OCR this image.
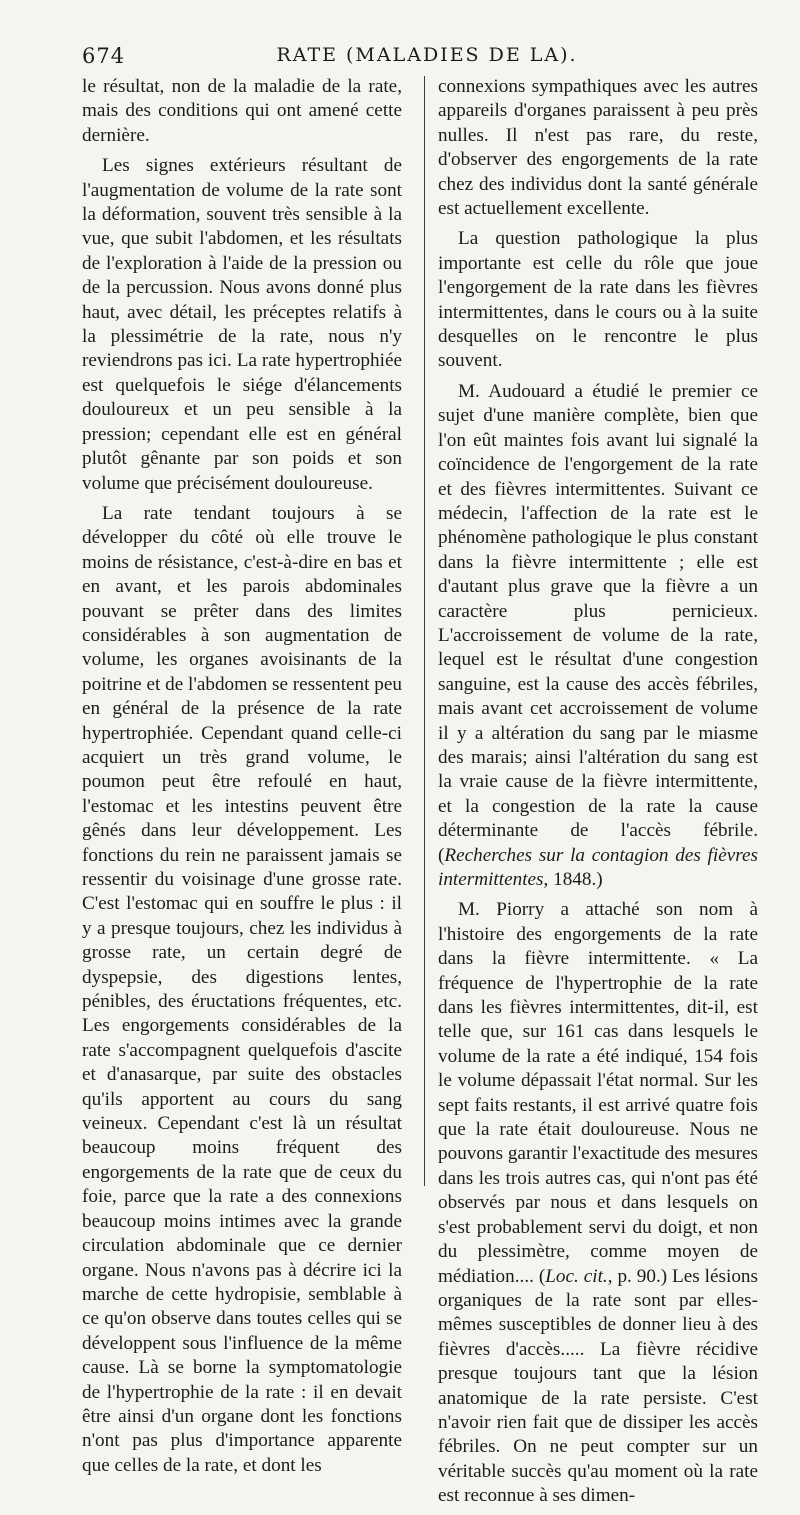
674	RATE (MALADIES DE LA).

le résultat, non de la maladie de la rate, mais des conditions qui ont amené cette dernière.

Les signes extérieurs résultant de l'augmentation de volume de la rate sont la déformation, souvent très sensible à la vue, que subit l'abdomen, et les résultats de l'exploration à l'aide de la pression ou de la percussion. Nous avons donné plus haut, avec détail, les préceptes relatifs à la plessimétrie de la rate, nous n'y reviendrons pas ici. La rate hypertrophiée est quelquefois le siége d'élancements douloureux et un peu sensible à la pression; cependant elle est en général plutôt gênante par son poids et son volume que précisément douloureuse.

La rate tendant toujours à se développer du côté où elle trouve le moins de résistance, c'est-à-dire en bas et en avant, et les parois abdominales pouvant se prêter dans des limites considérables à son augmentation de volume, les organes avoisinants de la poitrine et de l'abdomen se ressentent peu en général de la présence de la rate hypertrophiée. Cependant quand celle-ci acquiert un très grand volume, le poumon peut être refoulé en haut, l'estomac et les intestins peuvent être gênés dans leur développement. Les fonctions du rein ne paraissent jamais se ressentir du voisinage d'une grosse rate. C'est l'estomac qui en souffre le plus : il y a presque toujours, chez les individus à grosse rate, un certain degré de dyspepsie, des digestions lentes, pénibles, des éructations fréquentes, etc. Les engorgements considérables de la rate s'accompagnent quelquefois d'ascite et d'anasarque, par suite des obstacles qu'ils apportent au cours du sang veineux. Cependant c'est là un résultat beaucoup moins fréquent des engorgements de la rate que de ceux du foie, parce que la rate a des connexions beaucoup moins intimes avec la grande circulation abdominale que ce dernier organe. Nous n'avons pas à décrire ici la marche de cette hydropisie, semblable à ce qu'on observe dans toutes celles qui se développent sous l'influence de la même cause. Là se borne la symptomatologie de l'hypertrophie de la rate : il en devait être ainsi d'un organe dont les fonctions n'ont pas plus d'importance apparente que celles de la rate, et dont les

connexions sympathiques avec les autres appareils d'organes paraissent à peu près nulles. Il n'est pas rare, du reste, d'observer des engorgements de la rate chez des individus dont la santé générale est actuellement excellente.

La question pathologique la plus importante est celle du rôle que joue l'engorgement de la rate dans les fièvres intermittentes, dans le cours ou à la suite desquelles on le rencontre le plus souvent.

M. Audouard a étudié le premier ce sujet d'une manière complète, bien que l'on eût maintes fois avant lui signalé la coïncidence de l'engorgement de la rate et des fièvres intermittentes. Suivant ce médecin, l'affection de la rate est le phénomène pathologique le plus constant dans la fièvre intermittente ; elle est d'autant plus grave que la fièvre a un caractère plus pernicieux. L'accroissement de volume de la rate, lequel est le résultat d'une congestion sanguine, est la cause des accès fébriles, mais avant cet accroissement de volume il y a altération du sang par le miasme des marais; ainsi l'altération du sang est la vraie cause de la fièvre intermittente, et la congestion de la rate la cause déterminante de l'accès fébrile. (Recherches sur la contagion des fièvres intermittentes, 1848.)

M. Piorry a attaché son nom à l'histoire des engorgements de la rate dans la fièvre intermittente. « La fréquence de l'hypertrophie de la rate dans les fièvres intermittentes, dit-il, est telle que, sur 161 cas dans lesquels le volume de la rate a été indiqué, 154 fois le volume dépassait l'état normal. Sur les sept faits restants, il est arrivé quatre fois que la rate était douloureuse. Nous ne pouvons garantir l'exactitude des mesures dans les trois autres cas, qui n'ont pas été observés par nous et dans lesquels on s'est probablement servi du doigt, et non du plessimètre, comme moyen de médiation.... (Loc. cit., p. 90.) Les lésions organiques de la rate sont par elles-mêmes susceptibles de donner lieu à des fièvres d'accès..... La fièvre récidive presque toujours tant que la lésion anatomique de la rate persiste. C'est n'avoir rien fait que de dissiper les accès fébriles. On ne peut compter sur un véritable succès qu'au moment où la rate est reconnue à ses dimen-
